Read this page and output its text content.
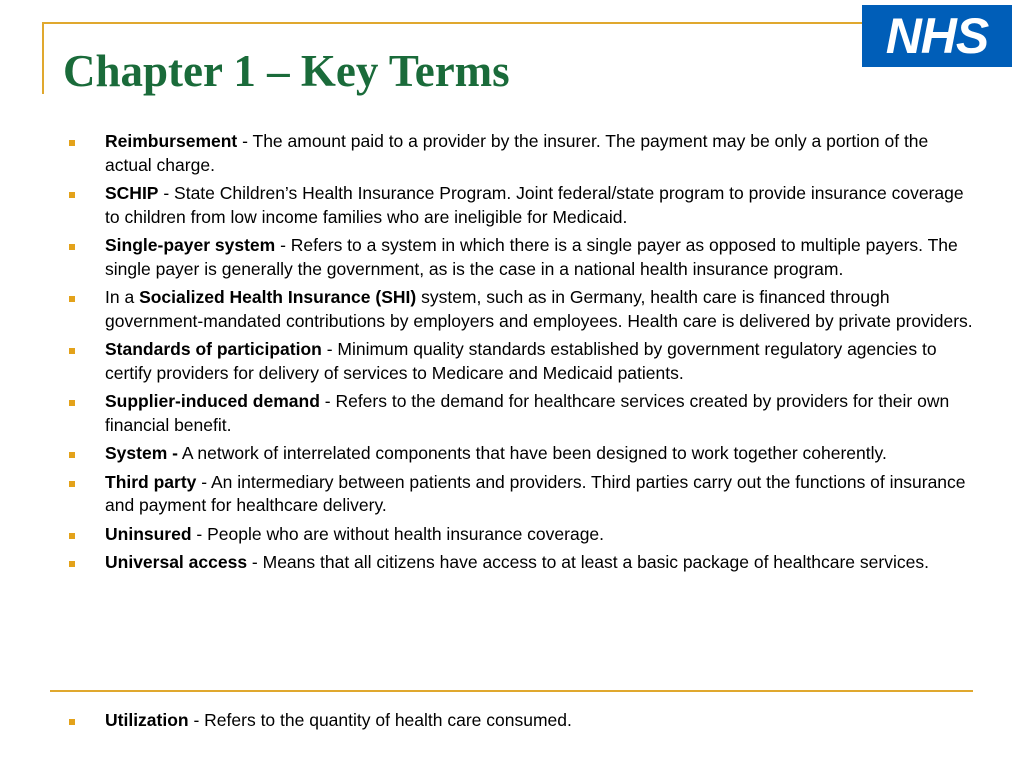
Chapter 1 – Key Terms
NHS
Reimbursement - The amount paid to a provider by the insurer. The payment may be only a portion of the actual charge.
SCHIP - State Children’s Health Insurance Program. Joint federal/state program to provide insurance coverage to children from low income families who are ineligible for Medicaid.
Single-payer system - Refers to a system in which there is a single payer as opposed to multiple payers. The single payer is generally the government, as is the case in a national health insurance program.
In a Socialized Health Insurance (SHI) system, such as in Germany, health care is financed through government-mandated contributions by employers and employees. Health care is delivered by private providers.
Standards of participation - Minimum quality standards established by government regulatory agencies to certify providers for delivery of services to Medicare and Medicaid patients.
Supplier-induced demand - Refers to the demand for healthcare services created by providers for their own financial benefit.
System - A network of interrelated components that have been designed to work together coherently.
Third party - An intermediary between patients and providers. Third parties carry out the functions of insurance and payment for healthcare delivery.
Uninsured - People who are without health insurance coverage.
Universal access - Means that all citizens have access to at least a basic package of healthcare services.
Utilization - Refers to the quantity of health care consumed.
